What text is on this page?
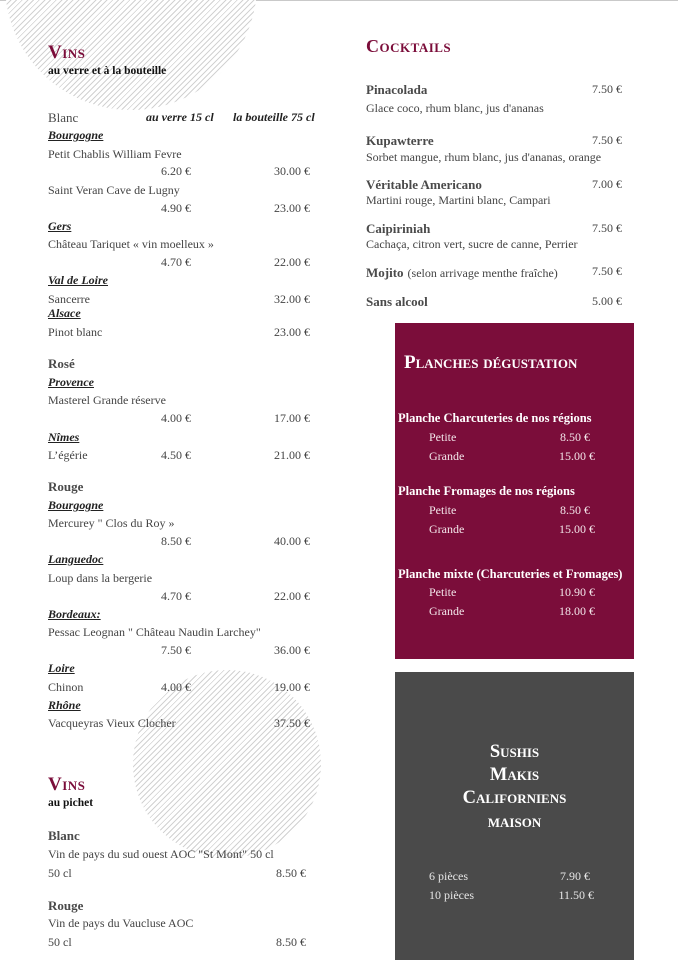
Vins
au verre et à la bouteille
Blanc	au verre 15 cl la bouteille 75 cl
Bourgogne
Petit Chablis William Fevre
6.20 €	30.00 €
Saint Veran Cave de Lugny
4.90 €	23.00 €
Gers
Château Tariquet « vin moelleux »
4.70 €	22.00 €
Val de Loire
Sancerre	32.00 €
Alsace
Pinot blanc	23.00 €
Rosé
Provence
Masterel Grande réserve
4.00 €	17.00 €
Nîmes
L’égérie	4.50 €	21.00 €
Rouge
Bourgogne
Mercurey " Clos du Roy »
8.50 €	40.00 €
Languedoc
Loup dans la bergerie
4.70 €	22.00 €
Bordeaux:
Pessac Leognan " Château Naudin Larchey"
7.50 €	36.00 €
Loire
Chinon	4.00 €	19.00 €
Rhône
Vacqueyras Vieux Clocher	37.50 €
Vins
au pichet
Blanc
Vin de pays du sud ouest AOC "St Mont" 50 cl
50 cl	8.50 €
Rouge
Vin de pays du Vaucluse AOC
50 cl	8.50 €
Cocktails
Pinacolada
Glace coco, rhum blanc, jus d'ananas
7.50 €
Kupawterre
Sorbet mangue, rhum blanc, jus d'ananas, orange
7.50 €
Véritable Americano
Martini rouge, Martini blanc, Campari
7.00 €
Caipiriniah
Cachaça, citron vert, sucre de canne, Perrier
7.50 €
Mojito (selon arrivage menthe fraîche)	7.50 €
Sans alcool	5.00 €
Planches dégustation
Planche Charcuteries de nos régions
Petite	8.50 €
Grande	15.00 €
Planche Fromages de nos régions
Petite	8.50 €
Grande	15.00 €
Planche mixte (Charcuteries et Fromages)
Petite	10.90 €
Grande	18.00 €
Sushis
Makis
Californiens
maison
6 pièces	7.90 €
10 pièces	11.50 €
